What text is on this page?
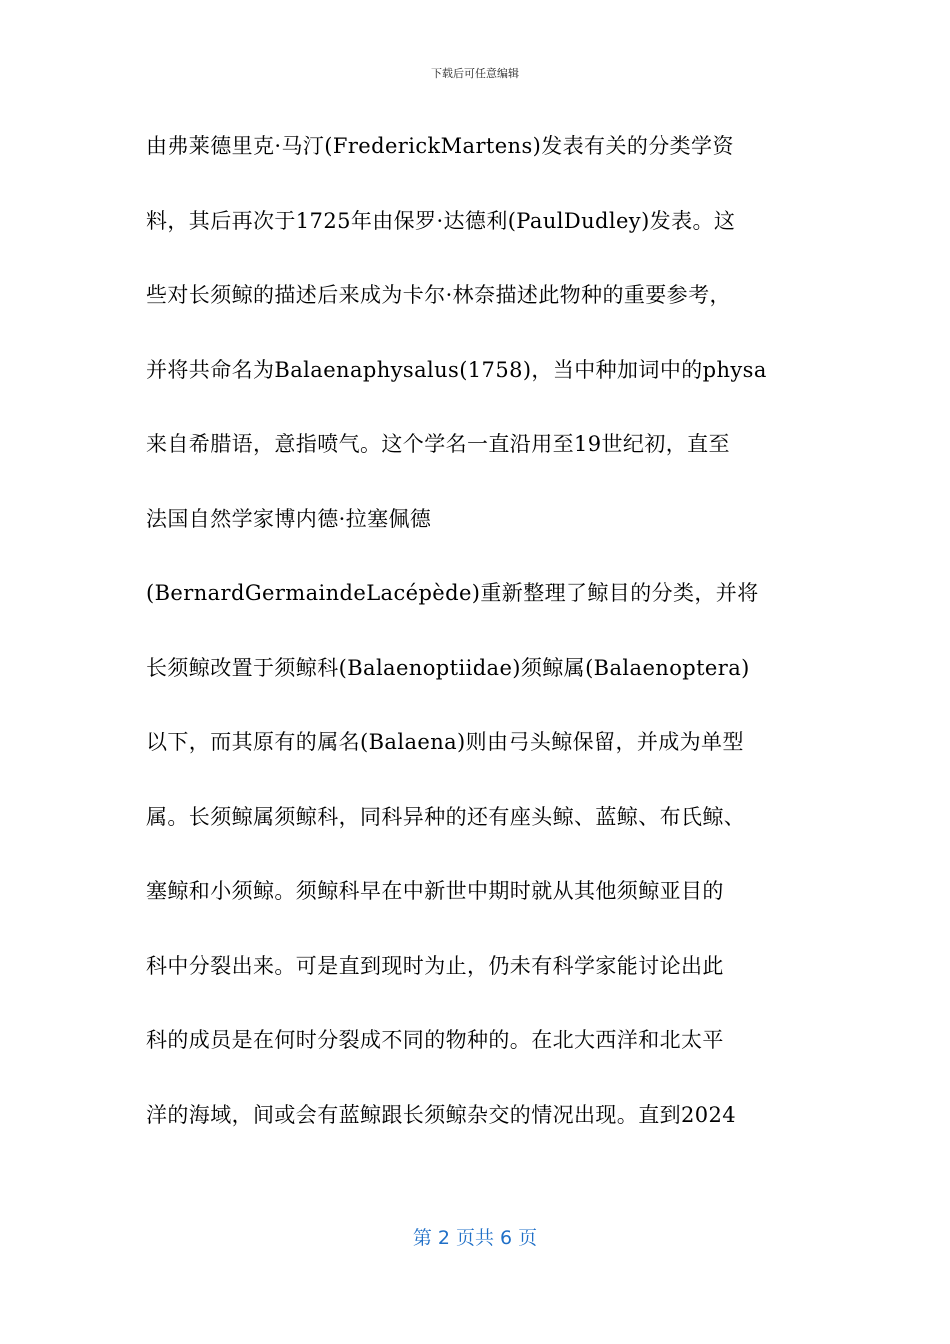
下载后可任意编辑
由弗莱德里克·马汀(FrederickMartens)发表有关的分类学资
料，其后再次于1725年由保罗·达德利(PaulDudley)发表。这
些对长须鲸的描述后来成为卡尔·林奈描述此物种的重要参考，
并将共命名为Balaenaphysalus(1758)，当中种加词中的physa
来自希腊语，意指喷气。这个学名一直沿用至19世纪初，直至
法国自然学家博内德·拉塞佩德
(BernardGermaindeLacépède)重新整理了鲸目的分类，并将
长须鲸改置于须鲸科(Balaenoptiidae)须鲸属(Balaenoptera)
以下，而其原有的属名(Balaena)则由弓头鲸保留，并成为单型
属。长须鲸属须鲸科，同科异种的还有座头鲸、蓝鲸、布氏鲸、
塞鲸和小须鲸。须鲸科早在中新世中期时就从其他须鲸亚目的
科中分裂出来。可是直到现时为止，仍未有科学家能讨论出此
科的成员是在何时分裂成不同的物种的。在北大西洋和北太平
洋的海域，间或会有蓝鲸跟长须鲸杂交的情况出现。直到2024
第 2 页共 6 页
